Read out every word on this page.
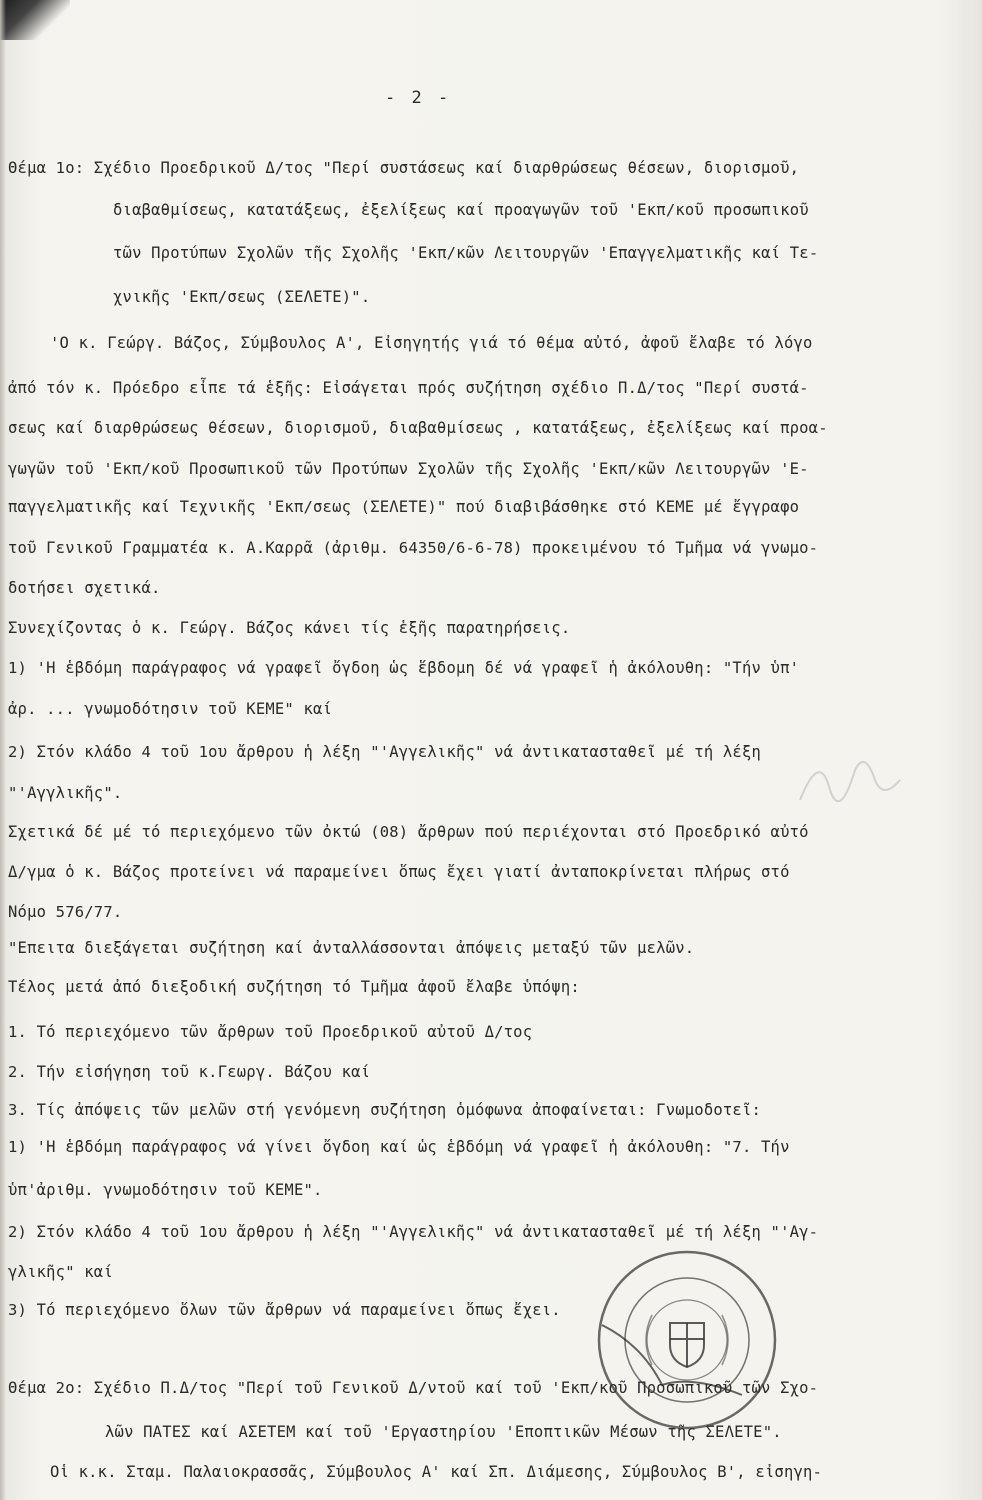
- 2 -
Θέμα 1ο: Σχέδιο Προεδρικοῦ Δ/τος "Περί συστάσεως καί διαρθρώσεως θέσεων, διορισμοῦ,
διαβαθμίσεως, κατατάξεως, ἐξελίξεως καί προαγωγῶν τοῦ 'Εκπ/κοῦ προσωπικοῦ
τῶν Προτύπων Σχολῶν τῆς Σχολῆς 'Εκπ/κῶν Λειτουργῶν 'Επαγγελματικῆς καί Τε-
χνικῆς 'Εκπ/σεως (ΣΕΛΕΤΕ)".
'Ο κ. Γεώργ. Βάζος, Σύμβουλος Α', Εἰσηγητής γιά τό θέμα αὐτό, ἀφοῦ ἔλαβε τό λόγο
ἀπό τόν κ. Πρόεδρο εἶπε τά ἑξῆς: Εἰσάγεται πρός συζήτηση σχέδιο Π.Δ/τος "Περί συστά-
σεως καί διαρθρώσεως θέσεων, διορισμοῦ, διαβαθμίσεως , κατατάξεως, ἐξελίξεως καί προα-
γωγῶν τοῦ 'Εκπ/κοῦ Προσωπικοῦ τῶν Προτύπων Σχολῶν τῆς Σχολῆς 'Εκπ/κῶν Λειτουργῶν 'Ε-
παγγελματικῆς καί Τεχνικῆς 'Εκπ/σεως (ΣΕΛΕΤΕ)" πού διαβιβάσθηκε στό ΚΕΜΕ μέ ἔγγραφο
τοῦ Γενικοῦ Γραμματέα κ. Α.Καρρᾶ (ἀριθμ. 64350/6-6-78) προκειμένου τό Τμῆμα νά γνωμο-
δοτήσει σχετικά.
Συνεχίζοντας ὁ κ. Γεώργ. Βάζος κάνει τίς ἑξῆς παρατηρήσεις.
1) 'Η ἑβδόμη παράγραφος νά γραφεῖ ὄγδοη ὡς ἕβδομη δέ νά γραφεῖ ἡ ἀκόλουθη: "Τήν ὑπ'
ἀρ. ... γνωμοδότησιν τοῦ ΚΕΜΕ" καί
2) Στόν κλάδο 4 τοῦ 1ου ἄρθρου ἡ λέξη "'Αγγελικῆς" νά ἀντικατασταθεῖ μέ τή λέξη
"'Αγγλικῆς".
Σχετικά δέ μέ τό περιεχόμενο τῶν ὀκτώ (08) ἄρθρων πού περιέχονται στό Προεδρικό αὐτό
Δ/γμα ὁ κ. Βάζος προτείνει νά παραμείνει ὅπως ἔχει γιατί ἀνταποκρίνεται πλήρως στό
Νόμο 576/77.
"Επειτα διεξάγεται συζήτηση καί ἀνταλλάσσονται ἀπόψεις μεταξύ τῶν μελῶν.
Τέλος μετά ἀπό διεξοδική συζήτηση τό Τμῆμα ἀφοῦ ἔλαβε ὑπόψη:
1. Τό περιεχόμενο τῶν ἄρθρων τοῦ Προεδρικοῦ αὐτοῦ Δ/τος
2. Τήν εἰσήγηση τοῦ κ.Γεωργ. Βάζου καί
3. Τίς ἀπόψεις τῶν μελῶν στή γενόμενη συζήτηση ὁμόφωνα ἀποφαίνεται: Γνωμοδοτεῖ:
1) 'Η ἑβδόμη παράγραφος νά γίνει ὄγδοη καί ὡς ἑβδόμη νά γραφεῖ ἡ ἀκόλουθη: "7. Τήν
ὑπ'ἀριθμ. γνωμοδότησιν τοῦ ΚΕΜΕ".
2) Στόν κλάδο 4 τοῦ 1ου ἄρθρου ἡ λέξη "'Αγγελικῆς" νά ἀντικατασταθεῖ μέ τή λέξη "'Αγ-
γλικῆς" καί
3) Τό περιεχόμενο ὅλων τῶν ἄρθρων νά παραμείνει ὅπως ἔχει.
Θέμα 2ο: Σχέδιο Π.Δ/τος "Περί τοῦ Γενικοῦ Δ/ντοῦ καί τοῦ 'Εκπ/κοῦ Προσωπικοῦ τῶν Σχο-
λῶν ΠΑΤΕΣ καί ΑΣΕΤΕΜ καί τοῦ 'Εργαστηρίου 'Εποπτικῶν Μέσων τῆς ΣΕΛΕΤΕ".
Οἱ κ.κ. Σταμ. Παλαιοκρασσᾶς, Σύμβουλος Α' καί Σπ. Διάμεσης, Σύμβουλος Β', εἰσηγη-
